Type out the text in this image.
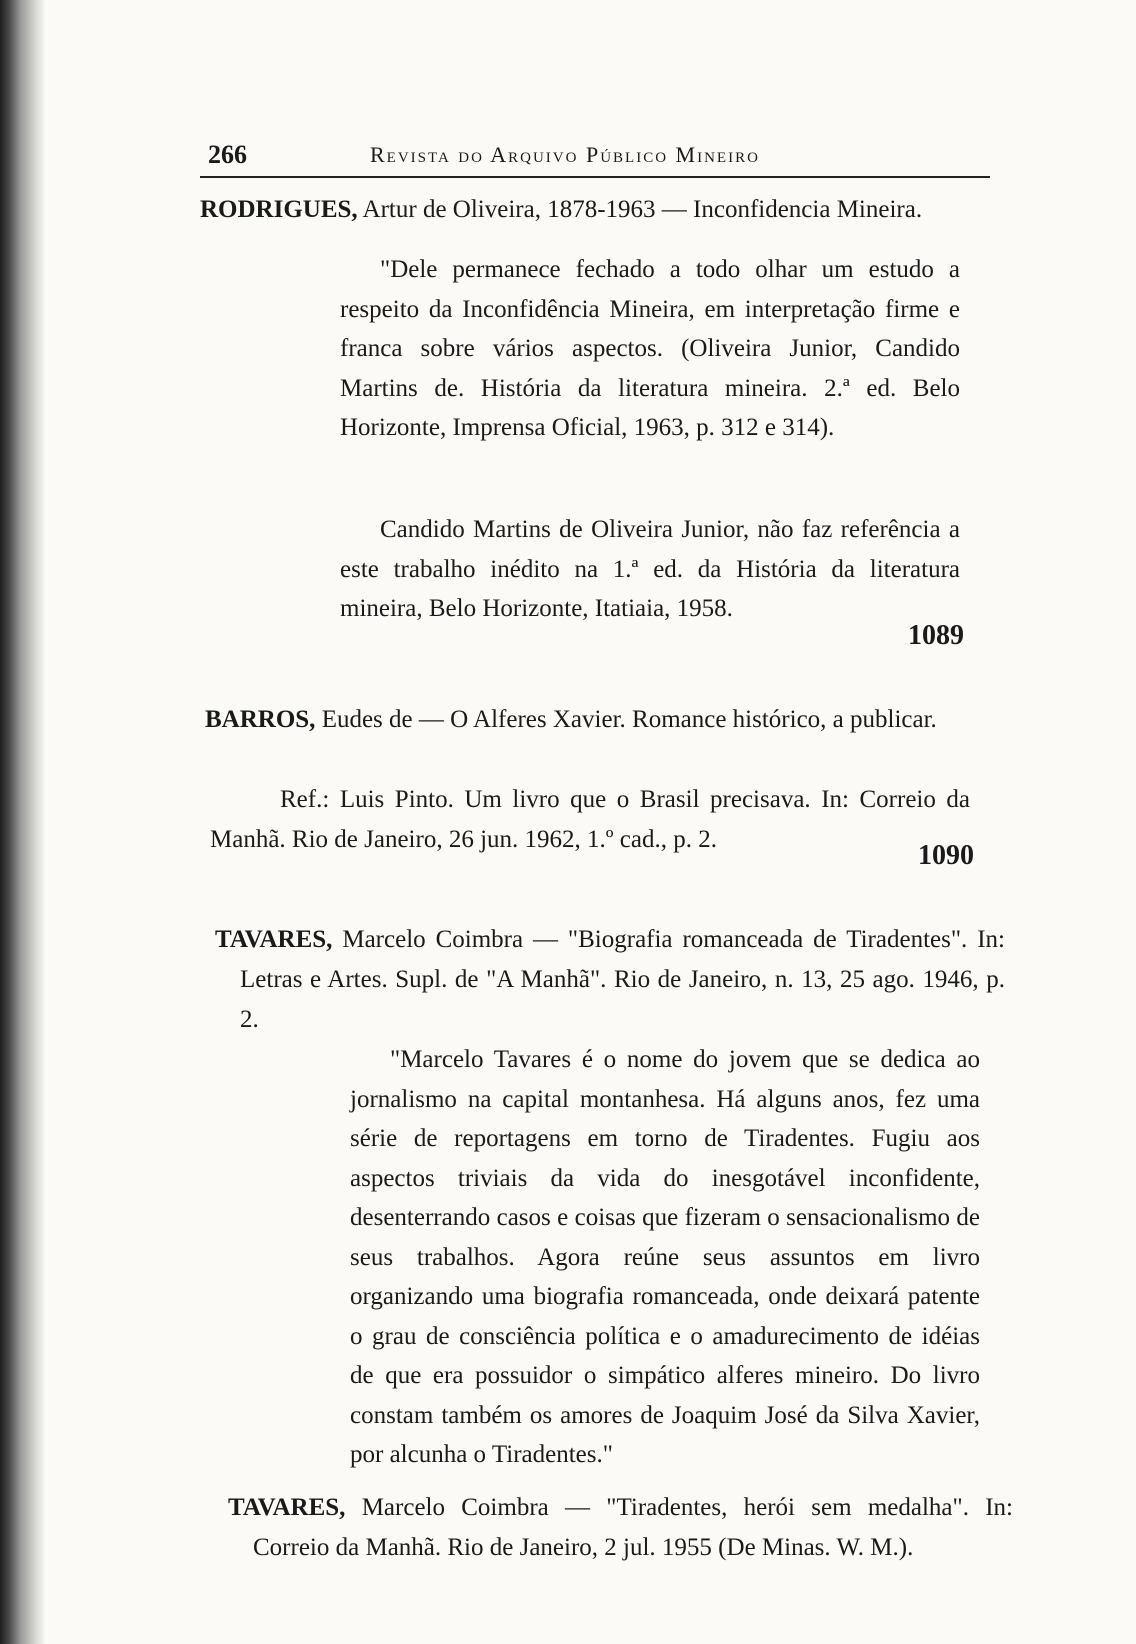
266	Revista do Arquivo Público Mineiro
RODRIGUES, Artur de Oliveira, 1878-1963 — Inconfidencia Mineira.
"Dele permanece fechado a todo olhar um estudo a respeito da Inconfidência Mineira, em interpretação firme e franca sobre vários aspectos. (Oliveira Junior, Candido Martins de. História da literatura mineira. 2.ª ed. Belo Horizonte, Imprensa Oficial, 1963, p. 312 e 314).
Candido Martins de Oliveira Junior, não faz referência a este trabalho inédito na 1.ª ed. da História da literatura mineira, Belo Horizonte, Itatiaia, 1958.
1089
BARROS, Eudes de — O Alferes Xavier. Romance histórico, a publicar.
Ref.: Luis Pinto. Um livro que o Brasil precisava. In: Correio da Manhã. Rio de Janeiro, 26 jun. 1962, 1.º cad., p. 2.
1090
TAVARES, Marcelo Coimbra — "Biografia romanceada de Tiradentes". In: Letras e Artes. Supl. de "A Manhã". Rio de Janeiro, n. 13, 25 ago. 1946, p. 2.
"Marcelo Tavares é o nome do jovem que se dedica ao jornalismo na capital montanhesa. Há alguns anos, fez uma série de reportagens em torno de Tiradentes. Fugiu aos aspectos triviais da vida do inesgotável inconfidente, desenterrando casos e coisas que fizeram o sensacionalismo de seus trabalhos. Agora reúne seus assuntos em livro organizando uma biografia romanceada, onde deixará patente o grau de consciência política e o amadurecimento de idéias de que era possuidor o simpático alferes mineiro. Do livro constam também os amores de Joaquim José da Silva Xavier, por alcunha o Tiradentes."
TAVARES, Marcelo Coimbra — "Tiradentes, herói sem medalha". In: Correio da Manhã. Rio de Janeiro, 2 jul. 1955 (De Minas. W. M.).
